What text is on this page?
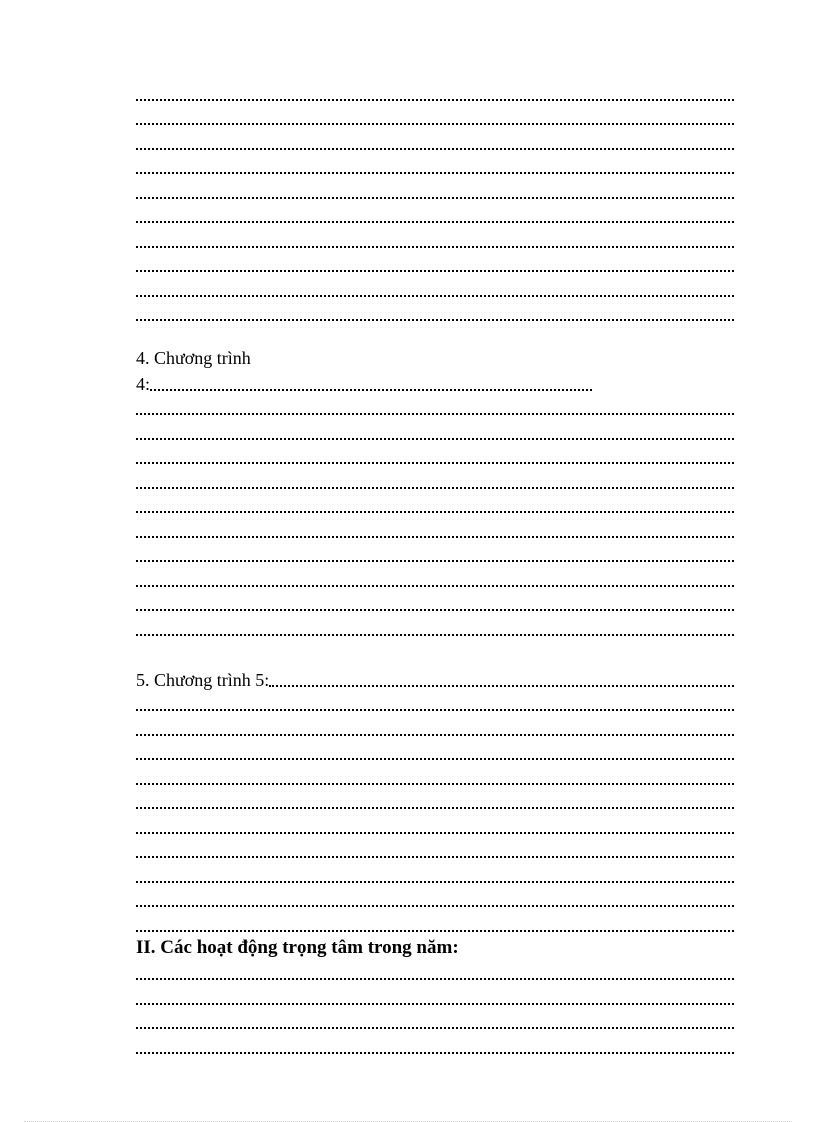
4. Chương trình
4:
5. Chương trình 5:
II. Các hoạt động trọng tâm trong năm:
